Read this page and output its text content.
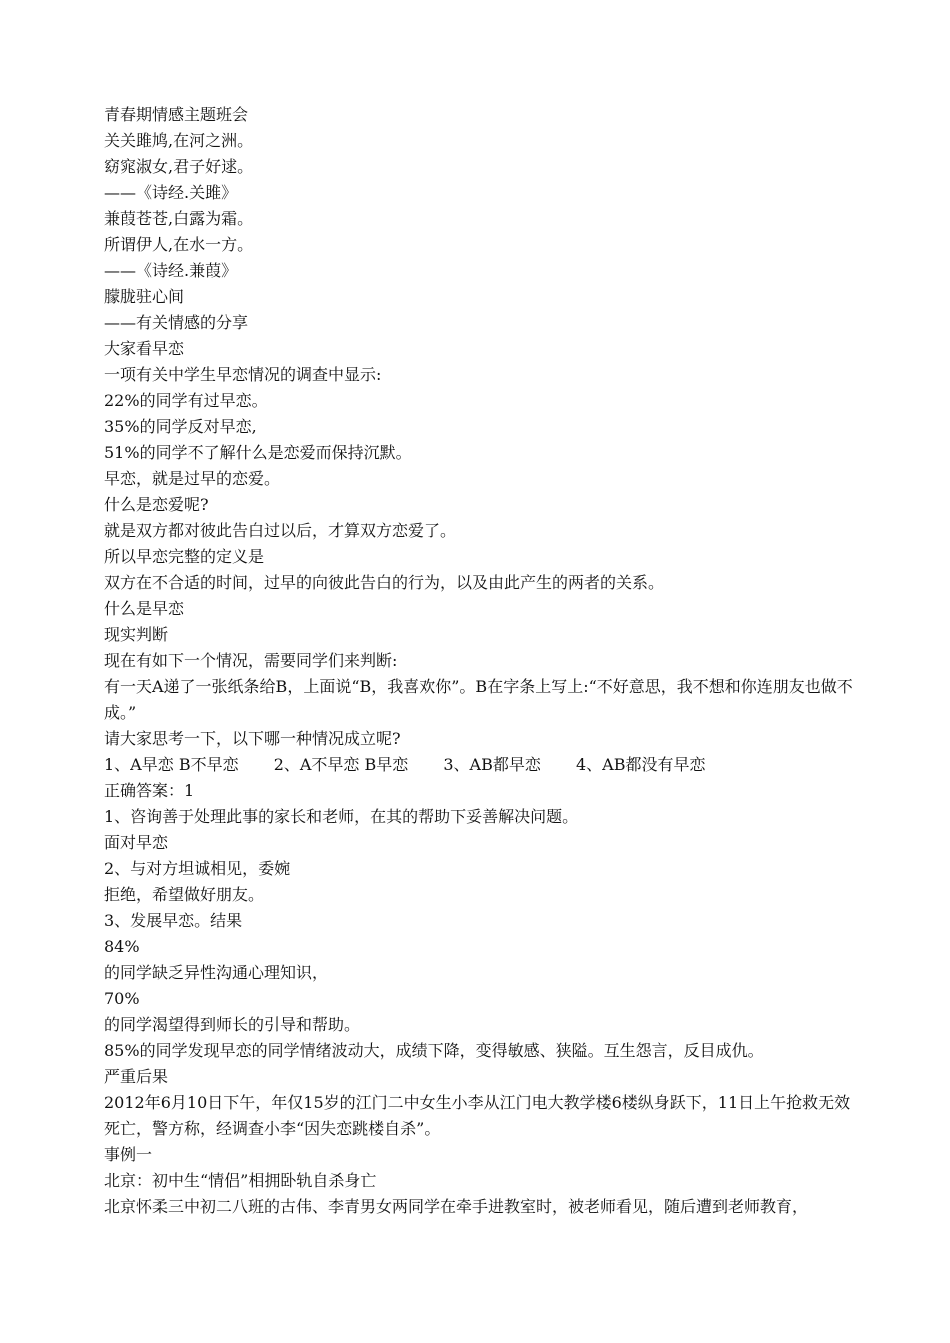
青春期情感主题班会
关关雎鸠,在河之洲。
窈窕淑女,君子好逑。
——《诗经.关雎》
兼葭苍苍,白露为霜。
所谓伊人,在水一方。
——《诗经.兼葭》
朦胧驻心间
——有关情感的分享
大家看早恋
一项有关中学生早恋情况的调查中显示:
22%的同学有过早恋。
35%的同学反对早恋,
51%的同学不了解什么是恋爱而保持沉默。
早恋，就是过早的恋爱。
什么是恋爱呢?
就是双方都对彼此告白过以后，才算双方恋爱了。
所以早恋完整的定义是
双方在不合适的时间，过早的向彼此告白的行为，以及由此产生的两者的关系。
什么是早恋
现实判断
现在有如下一个情况，需要同学们来判断:
有一天A递了一张纸条给B，上面说“B，我喜欢你”。B在字条上写上:“不好意思，我不想和你连朋友也做不成。”
请大家思考一下，以下哪一种情况成立呢?
1、A早恋 B不早恋 2、A不早恋 B早恋 3、AB都早恋 4、AB都没有早恋
正确答案：1
1、咨询善于处理此事的家长和老师，在其的帮助下妥善解决问题。
面对早恋
2、与对方坦诚相见，委婉
拒绝，希望做好朋友。
3、发展早恋。结果
84%
的同学缺乏异性沟通心理知识，
70%
的同学渴望得到师长的引导和帮助。
85%的同学发现早恋的同学情绪波动大，成绩下降，变得敏感、狭隘。互生怨言，反目成仇。
严重后果
2012年6月10日下午，年仅15岁的江门二中女生小李从江门电大教学楼6楼纵身跃下，11日上午抢救无效死亡，警方称，经调查小李“因失恋跳楼自杀”。
事例一
北京：初中生“情侣”相拥卧轨自杀身亡
北京怀柔三中初二八班的古伟、李青男女两同学在牵手进教室时，被老师看见，随后遭到老师教育，
